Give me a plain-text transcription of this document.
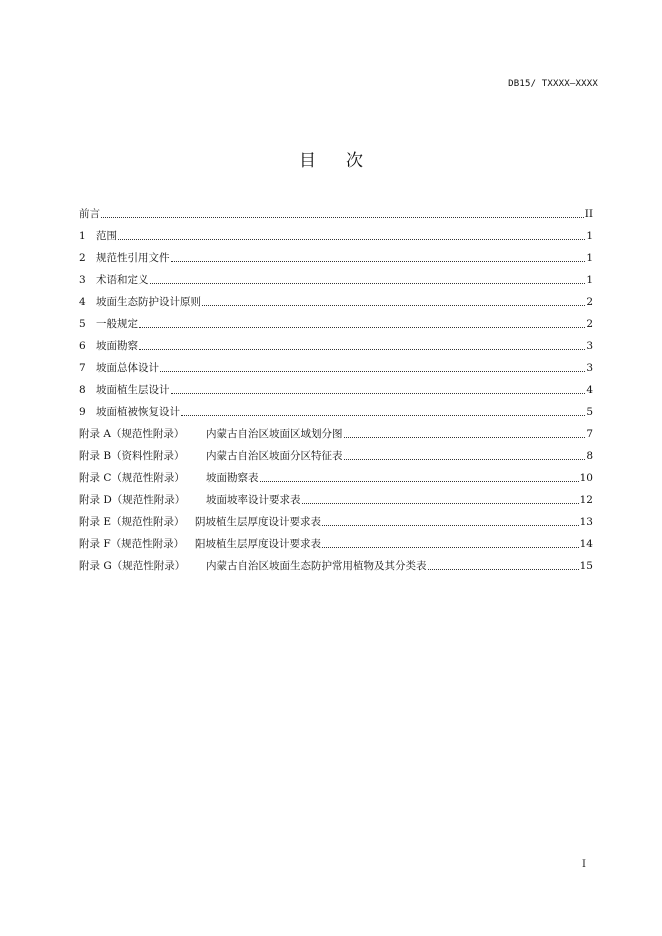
DB15/ TXXXX—XXXX
目 次
前言	II
1 范围	1
2 规范性引用文件	1
3 术语和定义	1
4 坡面生态防护设计原则	2
5 一般规定	2
6 坡面勘察	3
7 坡面总体设计	3
8 坡面植生层设计	4
9 坡面植被恢复设计	5
附录 A（规范性附录）	内蒙古自治区坡面区域划分图	7
附录 B（资料性附录）	内蒙古自治区坡面分区特征表	8
附录 C（规范性附录）	坡面勘察表	10
附录 D（规范性附录）	坡面坡率设计要求表	12
附录 E（规范性附录） 阴坡植生层厚度设计要求表	13
附录 F（规范性附录）	阳坡植生层厚度设计要求表	14
附录 G（规范性附录）	内蒙古自治区坡面生态防护常用植物及其分类表	15
I
